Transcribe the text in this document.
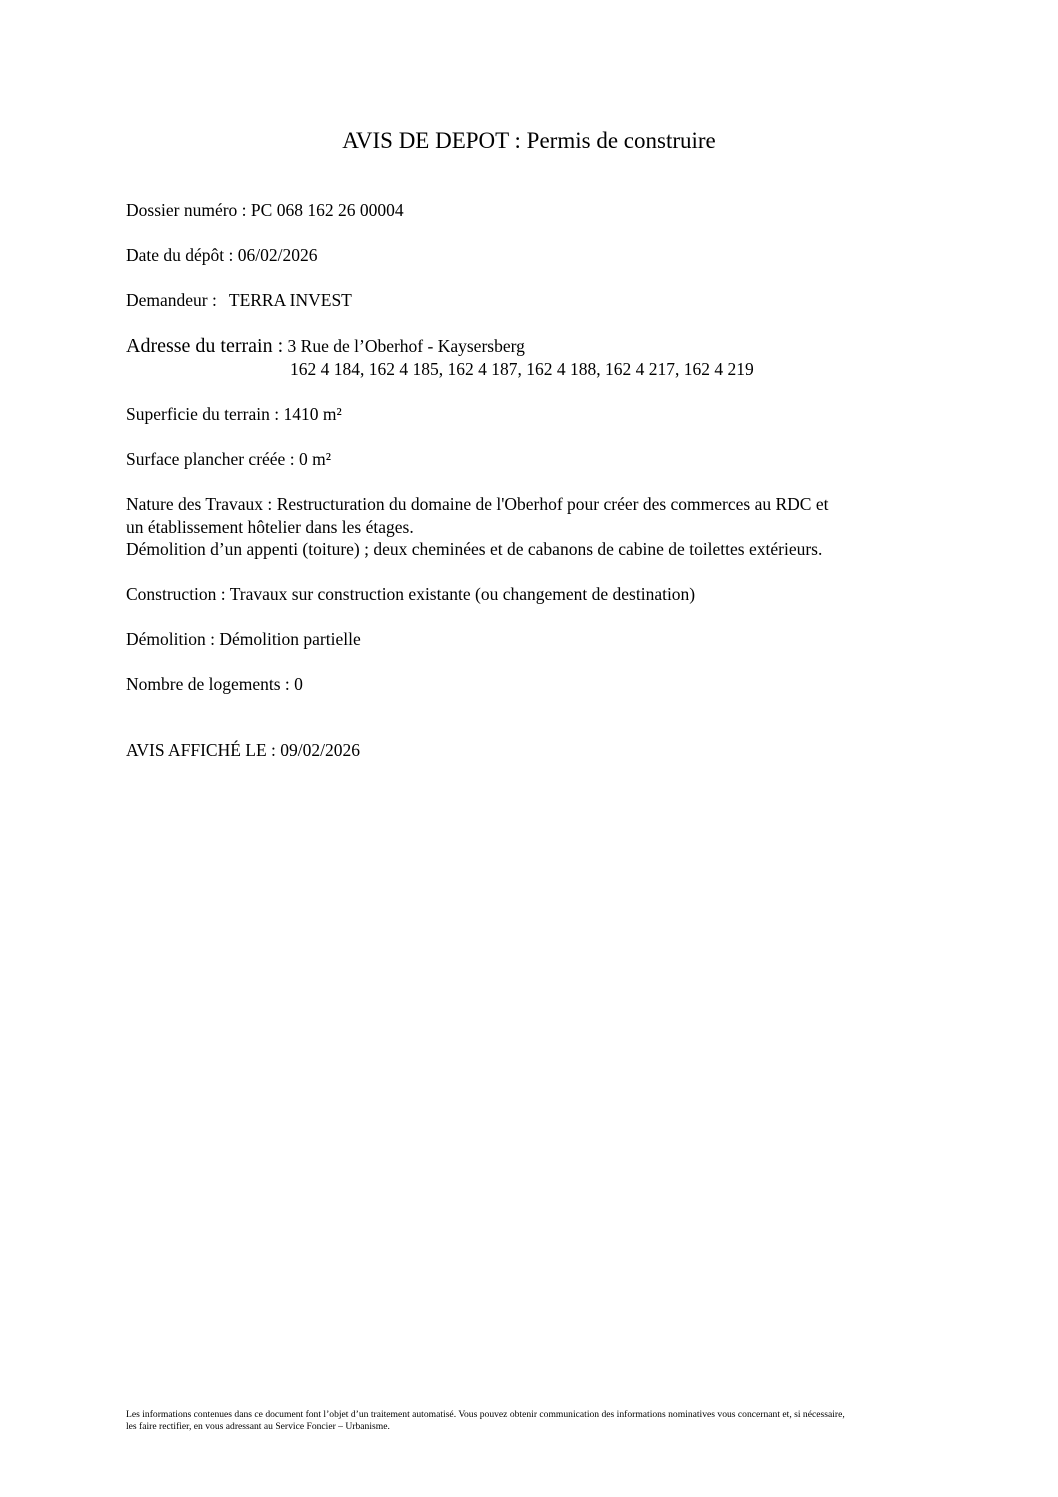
AVIS DE DEPOT : Permis de construire
Dossier numéro : PC 068 162 26 00004
Date du dépôt : 06/02/2026
Demandeur : TERRA INVEST
Adresse du terrain : 3 Rue de l’Oberhof - Kaysersberg
162 4 184, 162 4 185, 162 4 187, 162 4 188, 162 4 217, 162 4 219
Superficie du terrain : 1410 m²
Surface plancher créée : 0 m²
Nature des Travaux : Restructuration du domaine de l'Oberhof pour créer des commerces au RDC et
un établissement hôtelier dans les étages.
Démolition d’un appenti (toiture) ; deux cheminées et de cabanons de cabine de toilettes extérieurs.
Construction : Travaux sur construction existante (ou changement de destination)
Démolition : Démolition partielle
Nombre de logements : 0
AVIS AFFICHÉ LE : 09/02/2026
Les informations contenues dans ce document font l’objet d’un traitement automatisé. Vous pouvez obtenir communication des informations nominatives vous concernant et, si nécessaire,
les faire rectifier, en vous adressant au Service Foncier – Urbanisme.
